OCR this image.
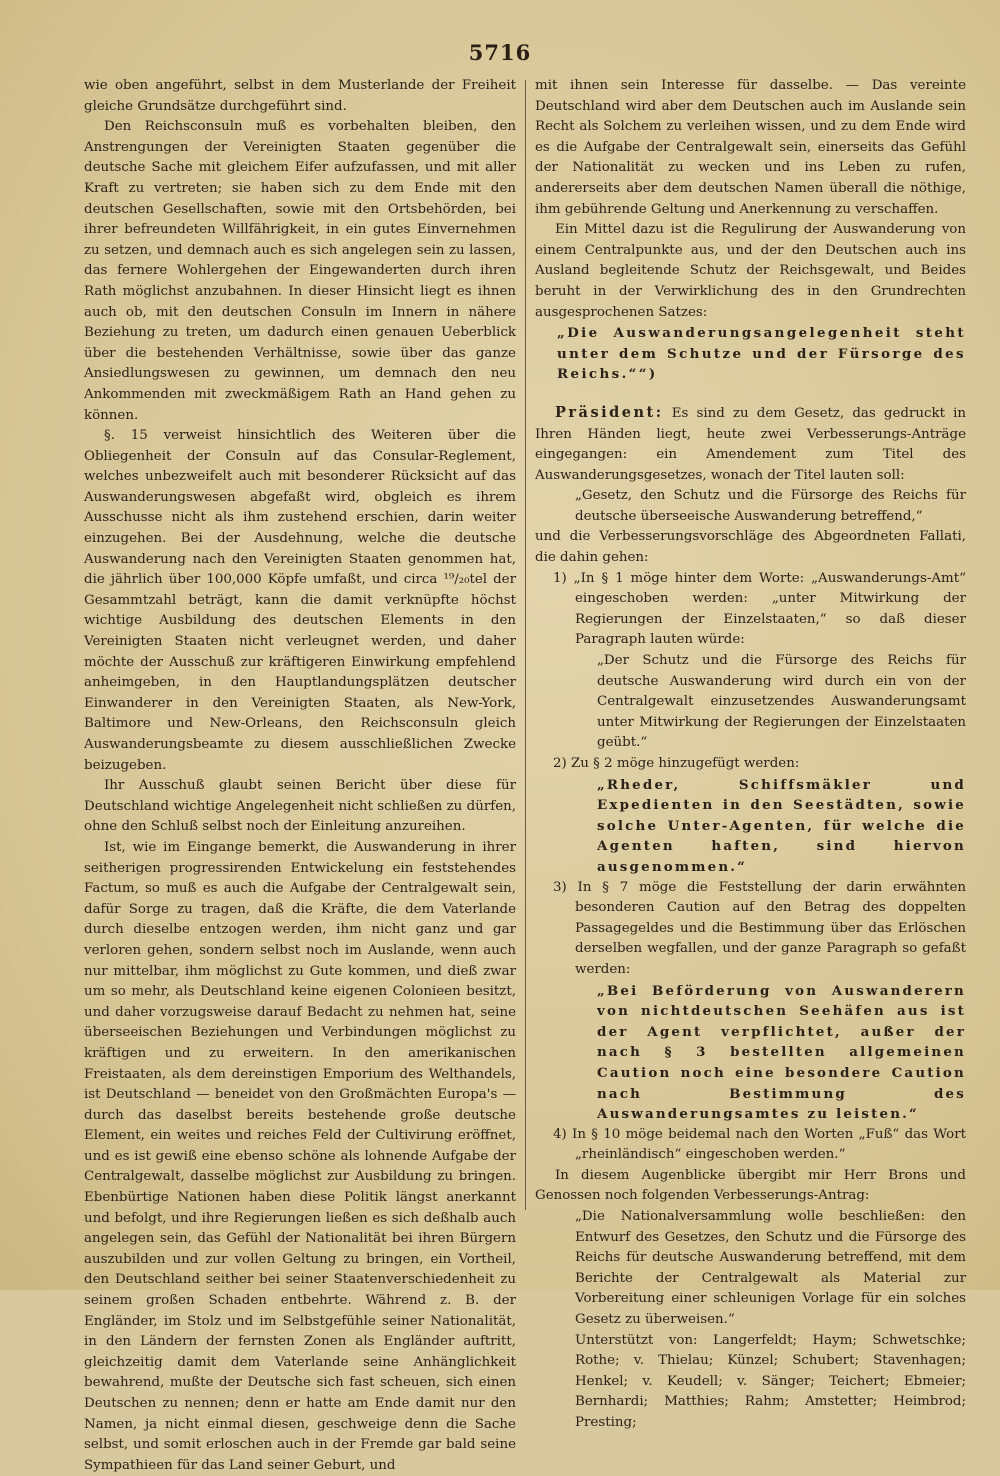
5716

wie oben angeführt, selbst in dem Musterlande der Freiheit gleiche Grundsätze durchgeführt sind.

Den Reichsconsuln muß es vorbehalten bleiben, den Anstrengungen der Vereinigten Staaten gegenüber die deutsche Sache mit gleichem Eifer aufzufassen, und mit aller Kraft zu vertreten; sie haben sich zu dem Ende mit den deutschen Gesellschaften, sowie mit den Ortsbehörden, bei ihrer befreundeten Willfährigkeit, in ein gutes Einvernehmen zu setzen, und demnach auch es sich angelegen sein zu lassen, das fernere Wohlergehen der Eingewanderten durch ihren Rath möglichst anzubahnen. In dieser Hinsicht liegt es ihnen auch ob, mit den deutschen Consuln im Innern in nähere Beziehung zu treten, um dadurch einen genauen Ueberblick über die bestehenden Verhältnisse, sowie über das ganze Ansiedlungswesen zu gewinnen, um demnach den neu Ankommenden mit zweckmäßigem Rath an Hand gehen zu können.

§. 15 verweist hinsichtlich des Weiteren über die Obliegenheit der Consuln auf das Consular-Reglement, welches unbezweifelt auch mit besonderer Rücksicht auf das Auswanderungswesen abgefaßt wird, obgleich es ihrem Ausschusse nicht als ihm zustehend erschien, darin weiter einzugehen. Bei der Ausdehnung, welche die deutsche Auswanderung nach den Vereinigten Staaten genommen hat, die jährlich über 100,000 Köpfe umfaßt, und circa ¹⁹/₂₀tel der Gesammtzahl beträgt, kann die damit verknüpfte höchst wichtige Ausbildung des deutschen Elements in den Vereinigten Staaten nicht verleugnet werden, und daher möchte der Ausschuß zur kräftigeren Einwirkung empfehlend anheimgeben, in den Hauptlandungsplätzen deutscher Einwanderer in den Vereinigten Staaten, als New-York, Baltimore und New-Orleans, den Reichsconsuln gleich Auswanderungsbeamte zu diesem ausschließlichen Zwecke beizugeben.

Ihr Ausschuß glaubt seinen Bericht über diese für Deutschland wichtige Angelegenheit nicht schließen zu dürfen, ohne den Schluß selbst noch der Einleitung anzureihen.

Ist, wie im Eingange bemerkt, die Auswanderung in ihrer seitherigen progressirenden Entwickelung ein feststehendes Factum, so muß es auch die Aufgabe der Centralgewalt sein, dafür Sorge zu tragen, daß die Kräfte, die dem Vaterlande durch dieselbe entzogen werden, ihm nicht ganz und gar verloren gehen, sondern selbst noch im Auslande, wenn auch nur mittelbar, ihm möglichst zu Gute kommen, und dieß zwar um so mehr, als Deutschland keine eigenen Colonieen besitzt, und daher vorzugsweise darauf Bedacht zu nehmen hat, seine überseeischen Beziehungen und Verbindungen möglichst zu kräftigen und zu erweitern. In den amerikanischen Freistaaten, als dem dereinstigen Emporium des Welthandels, ist Deutschland — beneidet von den Großmächten Europa's — durch das daselbst bereits bestehende große deutsche Element, ein weites und reiches Feld der Cultivirung eröffnet, und es ist gewiß eine ebenso schöne als lohnende Aufgabe der Centralgewalt, dasselbe möglichst zur Ausbildung zu bringen. Ebenbürtige Nationen haben diese Politik längst anerkannt und befolgt, und ihre Regierungen ließen es sich deßhalb auch angelegen sein, das Gefühl der Nationalität bei ihren Bürgern auszubilden und zur vollen Geltung zu bringen, ein Vortheil, den Deutschland seither bei seiner Staatenverschiedenheit zu seinem großen Schaden entbehrte. Während z. B. der Engländer, im Stolz und im Selbstgefühle seiner Nationalität, in den Ländern der fernsten Zonen als Engländer auftritt, gleichzeitig damit dem Vaterlande seine Anhänglichkeit bewahrend, mußte der Deutsche sich fast scheuen, sich einen Deutschen zu nennen; denn er hatte am Ende damit nur den Namen, ja nicht einmal diesen, geschweige denn die Sache selbst, und somit erloschen auch in der Fremde gar bald seine Sympathieen für das Land seiner Geburt, und

mit ihnen sein Interesse für dasselbe. — Das vereinte Deutschland wird aber dem Deutschen auch im Auslande sein Recht als Solchem zu verleihen wissen, und zu dem Ende wird es die Aufgabe der Centralgewalt sein, einerseits das Gefühl der Nationalität zu wecken und ins Leben zu rufen, andererseits aber dem deutschen Namen überall die nöthige, ihm gebührende Geltung und Anerkennung zu verschaffen.

Ein Mittel dazu ist die Regulirung der Auswanderung von einem Centralpunkte aus, und der den Deutschen auch ins Ausland begleitende Schutz der Reichsgewalt, und Beides beruht in der Verwirklichung des in den Grundrechten ausgesprochenen Satzes:

„Die Auswanderungsangelegenheit steht unter dem Schutze und der Fürsorge des Reichs.““)

Präsident: Es sind zu dem Gesetz, das gedruckt in Ihren Händen liegt, heute zwei Verbesserungs-Anträge eingegangen: ein Amendement zum Titel des Auswanderungsgesetzes, wonach der Titel lauten soll:

„Gesetz, den Schutz und die Fürsorge des Reichs für deutsche überseeische Auswanderung betreffend,“

und die Verbesserungsvorschläge des Abgeordneten Fallati, die dahin gehen:

1) „In § 1 möge hinter dem Worte: „Auswanderungs-Amt“ eingeschoben werden: „unter Mitwirkung der Regierungen der Einzelstaaten,“ so daß dieser Paragraph lauten würde:

„Der Schutz und die Fürsorge des Reichs für deutsche Auswanderung wird durch ein von der Centralgewalt einzusetzendes Auswanderungsamt unter Mitwirkung der Regierungen der Einzelstaaten geübt.“

2) Zu § 2 möge hinzugefügt werden:

„Rheder, Schiffsmäkler und Expedienten in den Seestädten, sowie solche Unter-Agenten, für welche die Agenten haften, sind hiervon ausgenommen.“

3) In § 7 möge die Feststellung der darin erwähnten besonderen Caution auf den Betrag des doppelten Passagegeldes und die Bestimmung über das Erlöschen derselben wegfallen, und der ganze Paragraph so gefaßt werden:

„Bei Beförderung von Auswanderern von nichtdeutschen Seehäfen aus ist der Agent verpflichtet, außer der nach § 3 bestellten allgemeinen Caution noch eine besondere Caution nach Bestimmung des Auswanderungsamtes zu leisten.“

4) In § 10 möge beidemal nach den Worten „Fuß“ das Wort „rheinländisch“ eingeschoben werden.“

In diesem Augenblicke übergibt mir Herr Brons und Genossen noch folgenden Verbesserungs-Antrag:

„Die Nationalversammlung wolle beschließen: den Entwurf des Gesetzes, den Schutz und die Fürsorge des Reichs für deutsche Auswanderung betreffend, mit dem Berichte der Centralgewalt als Material zur Vorbereitung einer schleunigen Vorlage für ein solches Gesetz zu überweisen.“

Unterstützt von: Langerfeldt; Haym; Schwetschke; Rothe; v. Thielau; Künzel; Schubert; Stavenhagen; Henkel; v. Keudell; v. Sänger; Teichert; Ebmeier; Bernhardi; Matthies; Rahm; Amstetter; Heimbrod; Presting;
